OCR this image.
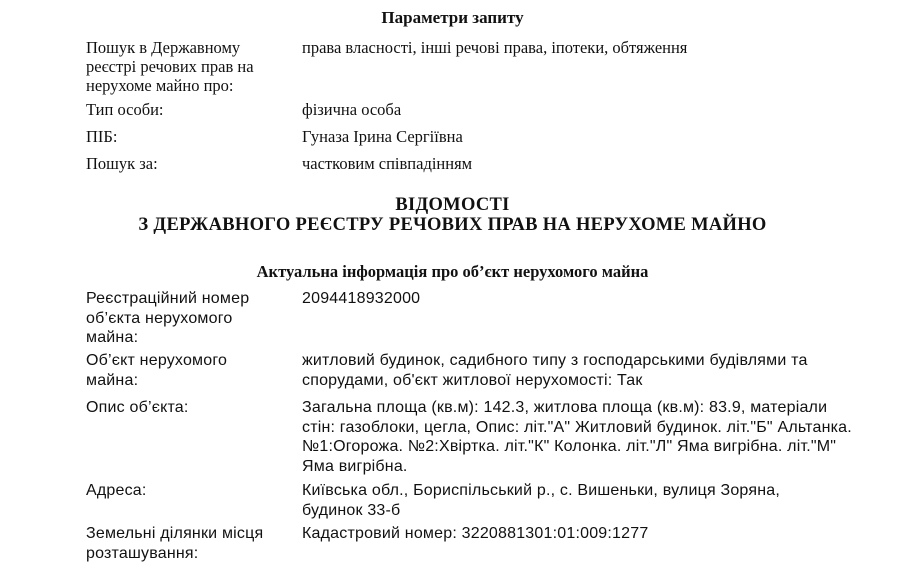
Параметри запиту
Пошук в Державному реєстрі речових прав на нерухоме майно про:
права власності, інші речові права, іпотеки, обтяження
Тип особи:	фізична особа
ПІБ:	Гуназа Ірина Сергіївна
Пошук за:	частковим співпадінням
ВІДОМОСТІ
З ДЕРЖАВНОГО РЕЄСТРУ РЕЧОВИХ ПРАВ НА НЕРУХОМЕ МАЙНО
Актуальна інформація про об’єкт нерухомого майна
Реєстраційний номер об’єкта нерухомого майна:
2094418932000
Об’єкт нерухомого майна:
житловий будинок, садибного типу з господарськими будівлями та спорудами, об'єкт житлової нерухомості: Так
Опис об’єкта:	Загальна площа (кв.м): 142.3, житлова площа (кв.м): 83.9, матеріали стін: газоблоки, цегла, Опис: літ."А" Житловий будинок. літ."Б" Альтанка. №1:Огорожа. №2:Хвіртка. літ."К" Колонка. літ."Л" Яма вигрібна. літ."М" Яма вигрібна.
Адреса:	Київська обл., Бориспільський р., с. Вишеньки, вулиця Зоряна, будинок 33-б
Земельні ділянки місця розташування:
Кадастровий номер: 3220881301:01:009:1277
